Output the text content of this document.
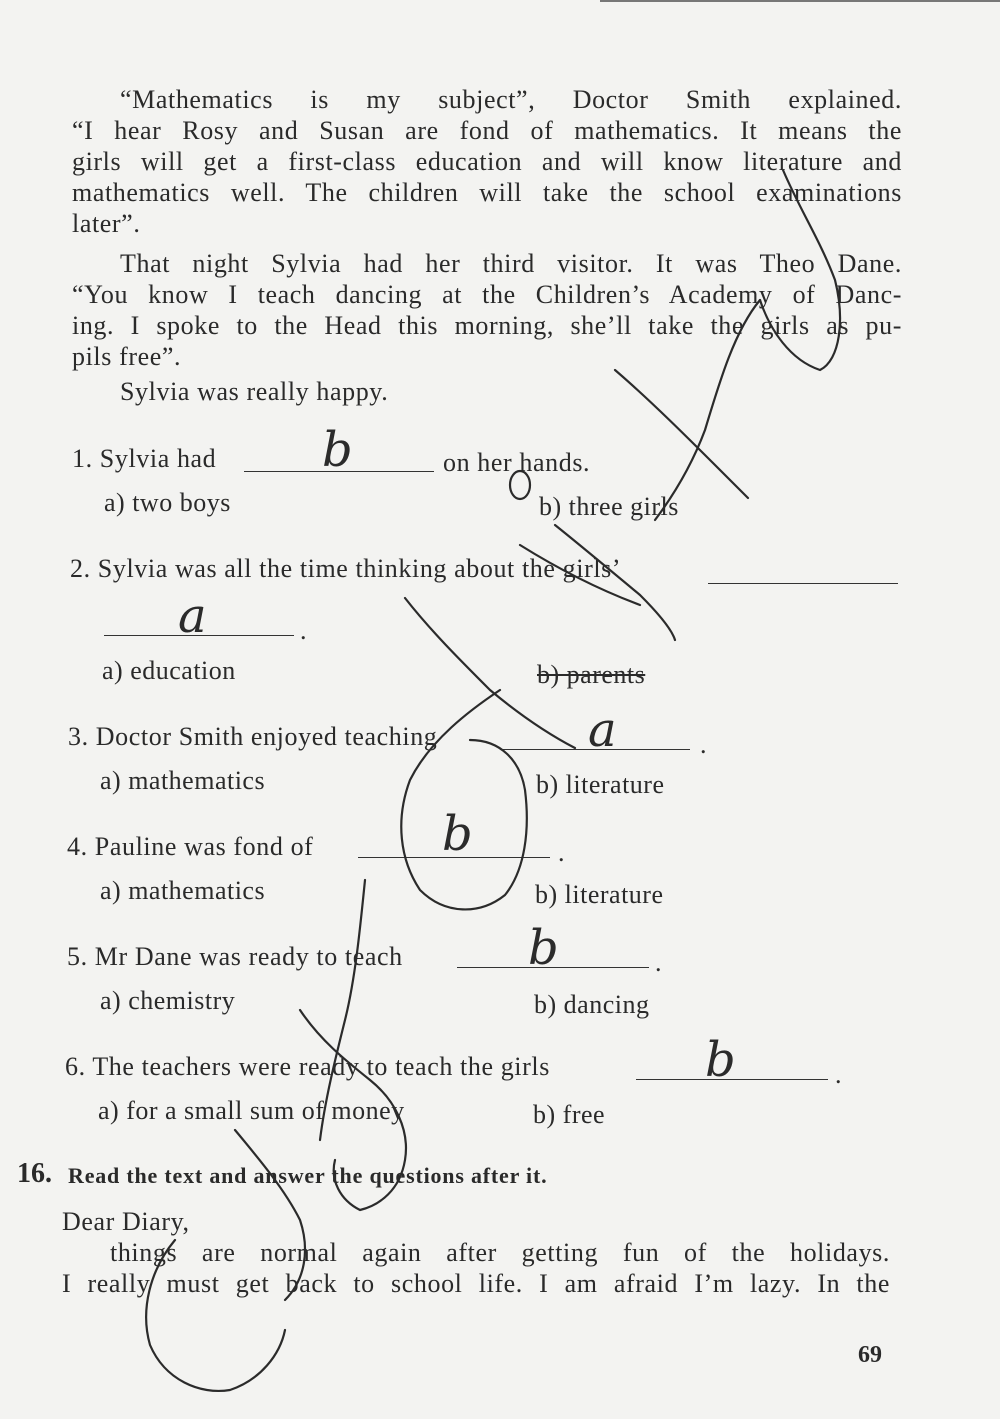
“Mathematics is my subject”, Doctor Smith explained.
“I hear Rosy and Susan are fond of mathematics. It means the
girls will get a first-class education and will know literature and
mathematics well. The children will take the school examinations
later”.
That night Sylvia had her third visitor. It was Theo Dane.
“You know I teach dancing at the Children’s Academy of Danc-
ing. I spoke to the Head this morning, she’ll take the girls as pu-
pils free”.
Sylvia was really happy.
1. Sylvia had	on her hands.
a) two boys	b) three girls
2. Sylvia was all the time thinking about the girls’
.
a) education	b) parents
3. Doctor Smith enjoyed teaching	.
a) mathematics	b) literature
4. Pauline was fond of	.
a) mathematics	b) literature
5. Mr Dane was ready to teach	.
a) chemistry	b) dancing
6. The teachers were ready to teach the girls	.
a) for a small sum of money	b) free
16. Read the text and answer the questions after it.
Dear Diary,
things are normal again after getting fun of the holidays.
I really must get back to school life. I am afraid I’m lazy. In the
69
b
a
a
b
b
b
